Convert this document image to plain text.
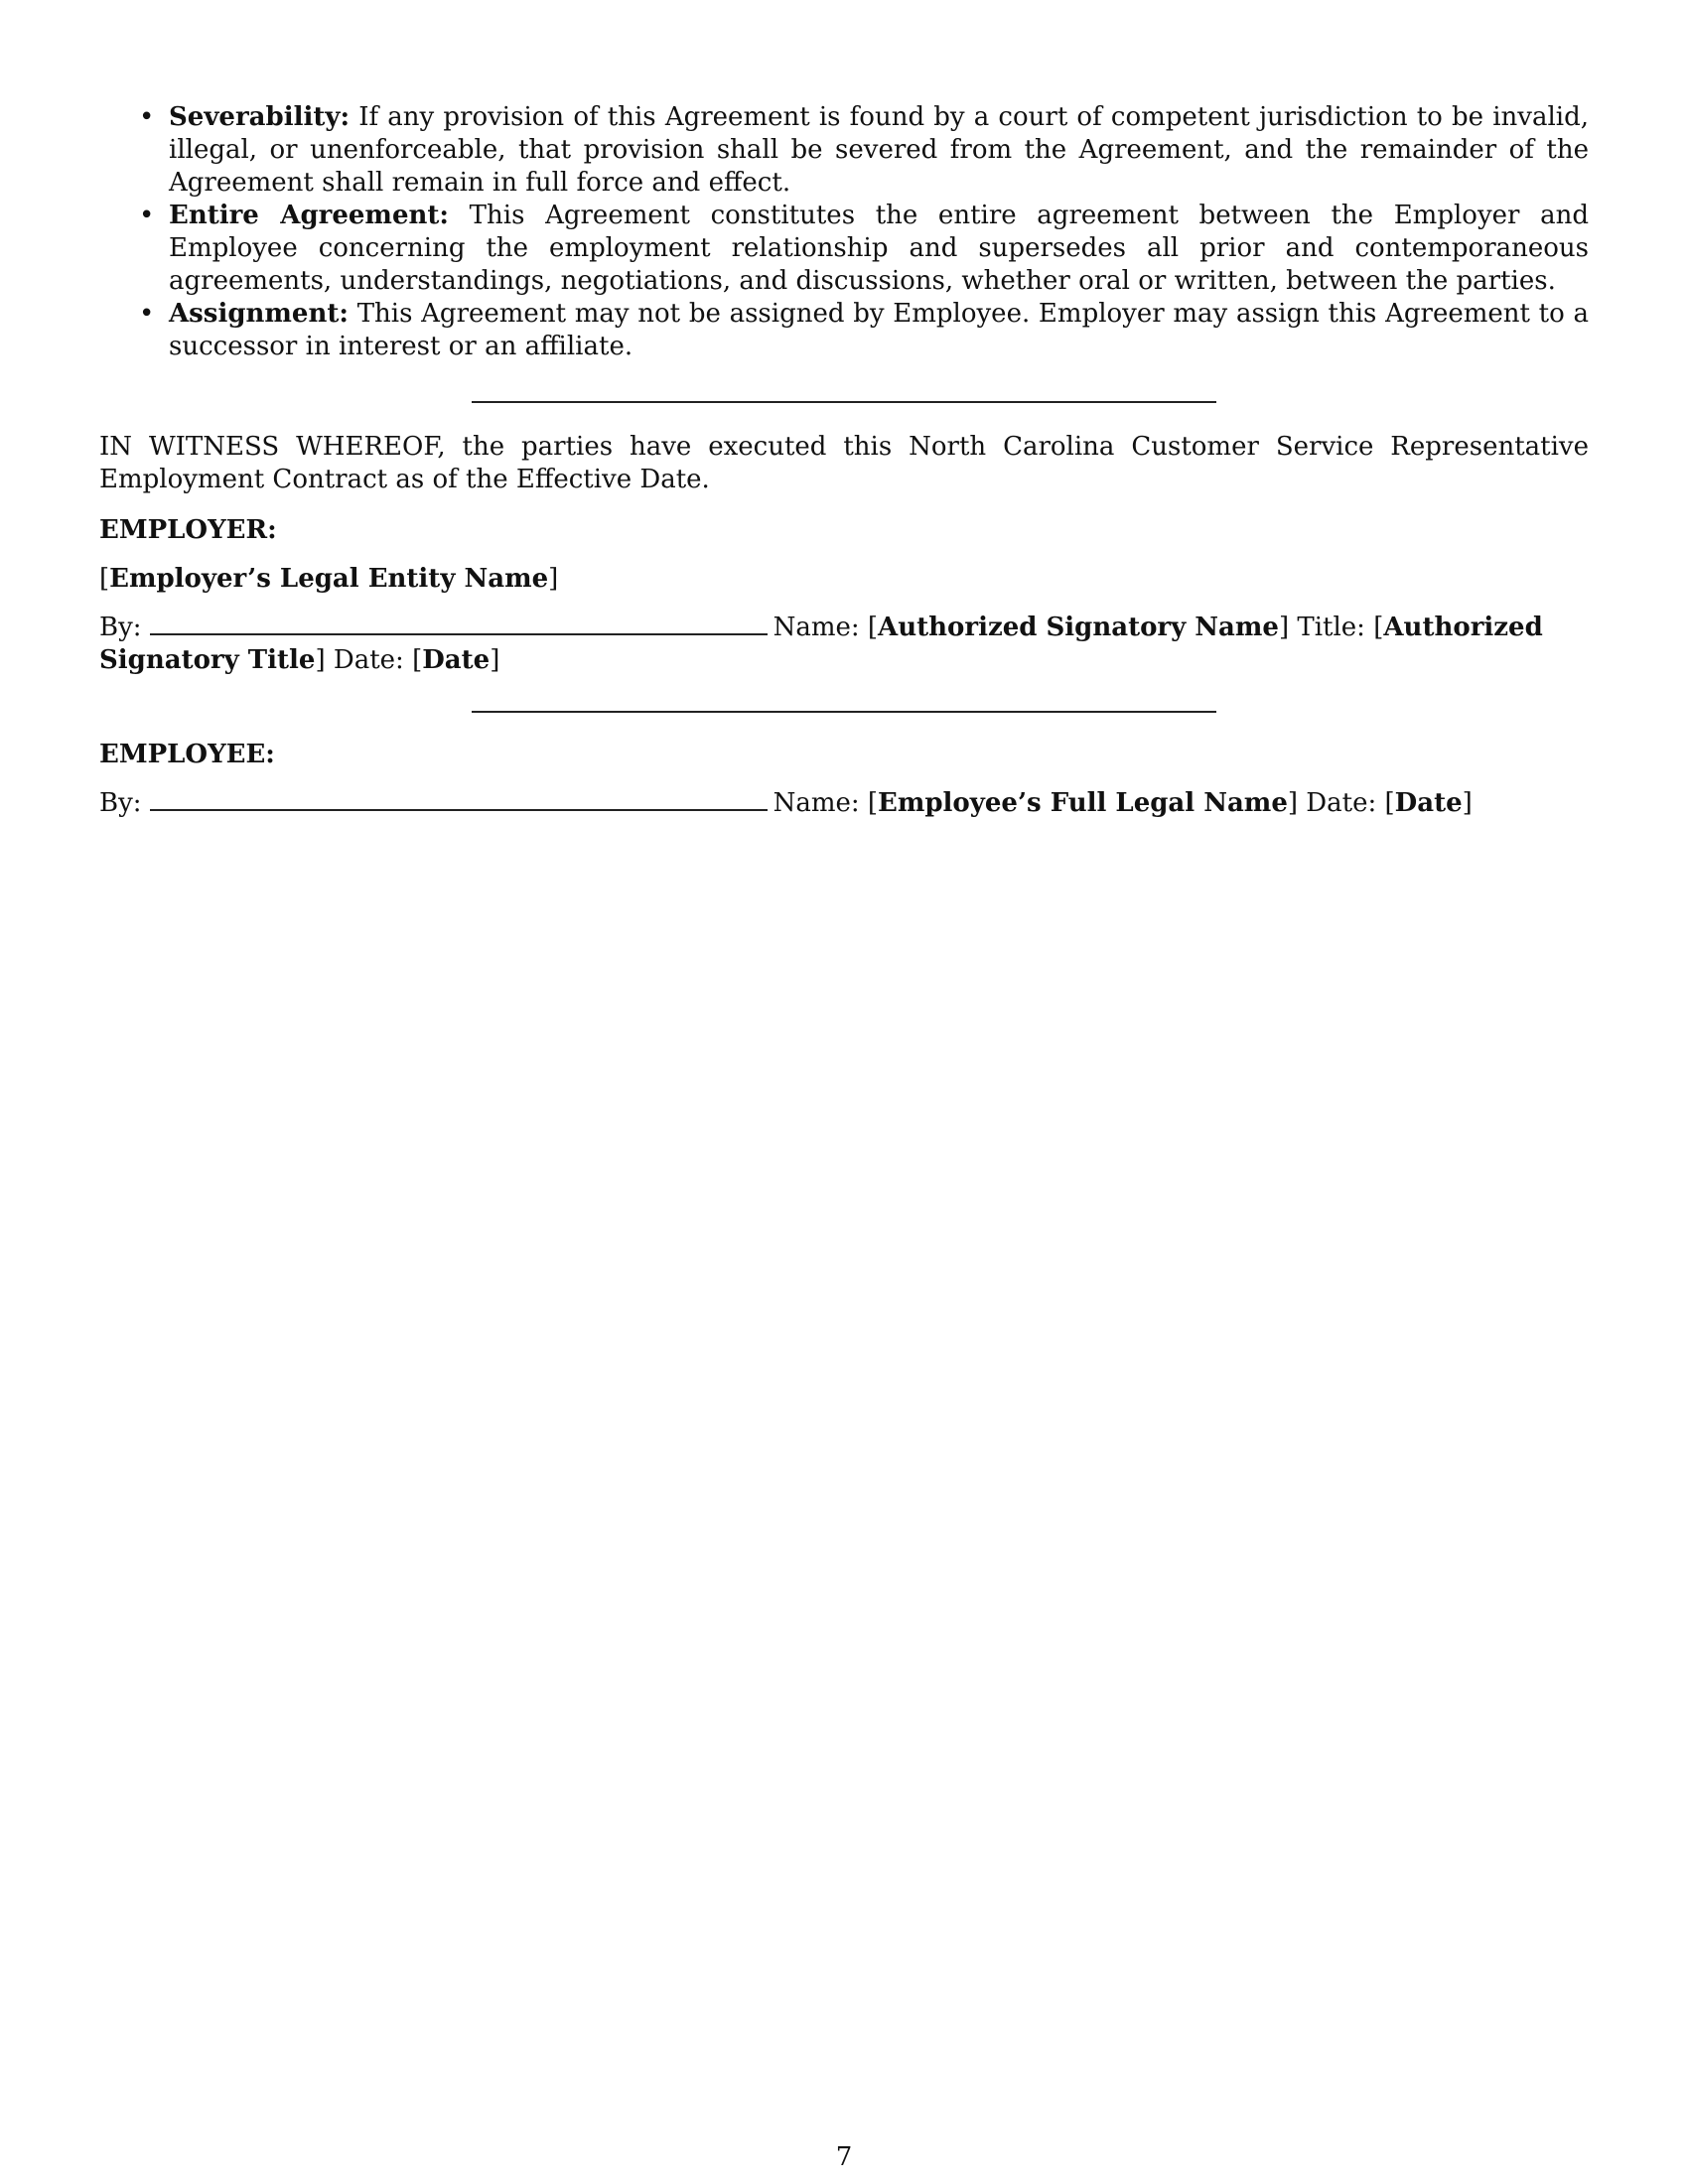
• Severability: If any provision of this Agreement is found by a court of competent jurisdiction to be invalid, illegal, or unenforceable, that provision shall be severed from the Agreement, and the remainder of the Agreement shall remain in full force and effect.
• Entire Agreement: This Agreement constitutes the entire agreement between the Employer and Employee concerning the employment relationship and supersedes all prior and contemporaneous agreements, understandings, negotiations, and discussions, whether oral or written, between the parties.
• Assignment: This Agreement may not be assigned by Employee. Employer may assign this Agreement to a successor in interest or an affiliate.

IN WITNESS WHEREOF, the parties have executed this North Carolina Customer Service Representative Employment Contract as of the Effective Date.

EMPLOYER:
[Employer’s Legal Entity Name]
By:	Name: [Authorized Signatory Name] Title: [Authorized Signatory Title] Date: [Date]
EMPLOYEE:
By:	Name: [Employee’s Full Legal Name] Date: [Date]
7
